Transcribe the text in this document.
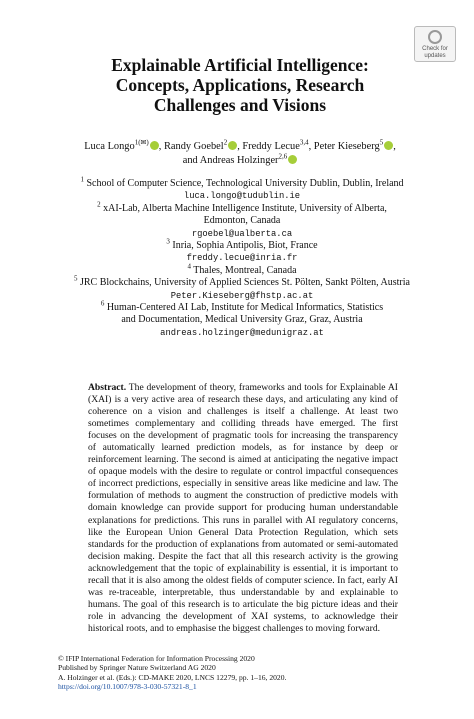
Check for
updates
Explainable Artificial Intelligence:
Concepts, Applications, Research
Challenges and Visions
Luca Longo$^{1(✉)}$ , Randy Goebel$^2$ , Freddy Lecue$^{3,4}$, Peter Kieseberg$^5$ ,
and Andreas Holzinger$^{2,6}$
$^1$ School of Computer Science, Technological University Dublin, Dublin, Ireland
luca.longo@tudublin.ie
$^2$ xAI-Lab, Alberta Machine Intelligence Institute, University of Alberta,
Edmonton, Canada
rgoebel@ualberta.ca
$^3$ Inria, Sophia Antipolis, Biot, France
freddy.lecue@inria.fr
$^4$ Thales, Montreal, Canada
$^5$ JRC Blockchains, University of Applied Sciences St. Pölten, Sankt Pölten, Austria
Peter.Kieseberg@fhstp.ac.at
$^6$ Human-Centered AI Lab, Institute for Medical Informatics, Statistics
and Documentation, Medical University Graz, Graz, Austria
andreas.holzinger@medunigraz.at
Abstract. The development of theory, frameworks and tools for Explainable AI (XAI) is a very active area of research these days, and articulating any kind of coherence on a vision and challenges is itself a challenge. At least two sometimes complementary and colliding threads have emerged. The first focuses on the development of pragmatic tools for increasing the transparency of automatically learned prediction models, as for instance by deep or reinforcement learning. The second is aimed at anticipating the negative impact of opaque models with the desire to regulate or control impactful consequences of incorrect predictions, especially in sensitive areas like medicine and law. The formulation of methods to augment the construction of predictive models with domain knowledge can provide support for producing human understandable explanations for predictions. This runs in parallel with AI regulatory concerns, like the European Union General Data Protection Regulation, which sets standards for the production of explanations from automated or semi-automated decision making. Despite the fact that all this research activity is the growing acknowledgement that the topic of explainability is essential, it is important to recall that it is also among the oldest fields of computer science. In fact, early AI was re-traceable, interpretable, thus understandable by and explainable to humans. The goal of this research is to articulate the big picture ideas and their role in advancing the development of XAI systems, to acknowledge their historical roots, and to emphasise the biggest challenges to moving forward.
© IFIP International Federation for Information Processing 2020
Published by Springer Nature Switzerland AG 2020
A. Holzinger et al. (Eds.): CD-MAKE 2020, LNCS 12279, pp. 1–16, 2020.
https://doi.org/10.1007/978-3-030-57321-8_1
